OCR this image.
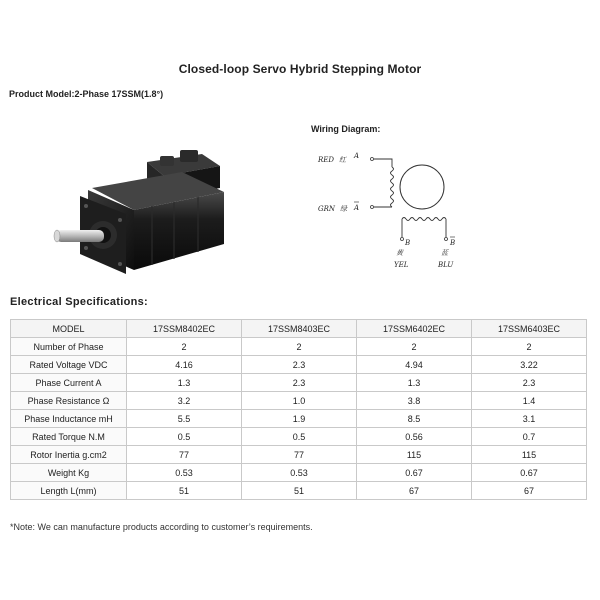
Closed-loop Servo Hybrid Stepping Motor
Product Model:2-Phase 17SSM(1.8°)
Wiring Diagram:
RED 红 A
GRN 绿 A
B	B
黄
YEL
蓝
BLU
Electrical Specifications:
MODEL	17SSM8402EC	17SSM8403EC	17SSM6402EC	17SSM6403EC
Number of Phase	2	2	2	2
Rated Voltage VDC	4.16	2.3	4.94	3.22
Phase Current A	1.3	2.3	1.3	2.3
Phase Resistance Ω	3.2	1.0	3.8	1.4
Phase Inductance mH	5.5	1.9	8.5	3.1
Rated Torque N.M	0.5	0.5	0.56	0.7
Rotor Inertia g.cm2	77	77	115	115
Weight Kg	0.53	0.53	0.67	0.67
Length L(mm)	51	51	67	67
*Note: We can manufacture products according to customer’s requirements.
